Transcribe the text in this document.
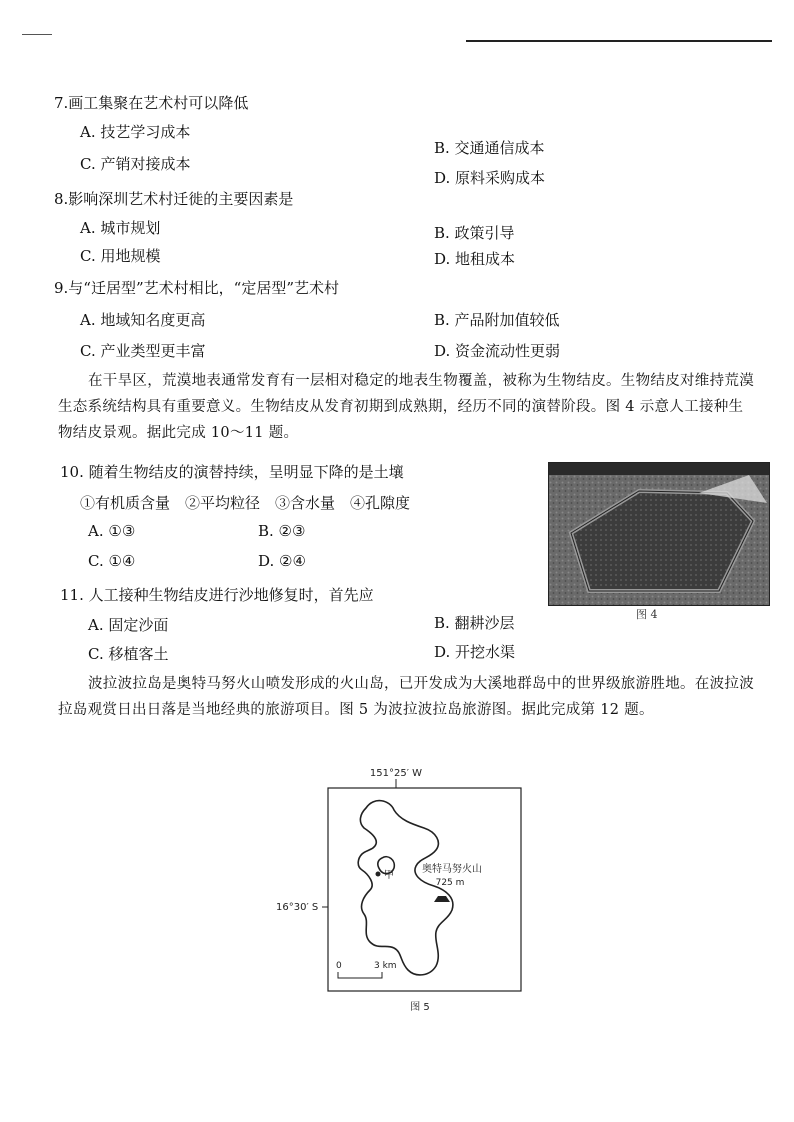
7.画工集聚在艺术村可以降低
A. 技艺学习成本
B. 交通通信成本
C. 产销对接成本
D. 原料采购成本
8.影响深圳艺术村迁徙的主要因素是
A. 城市规划	B. 政策引导
C. 用地规模	D. 地租成本
9.与“迁居型”艺术村相比，“定居型”艺术村
A. 地域知名度更高	B. 产品附加值较低
C. 产业类型更丰富	D. 资金流动性更弱

在干旱区，荒漠地表通常发育有一层相对稳定的地表生物覆盖，被称为生物结皮。生物结皮对维持荒漠生态系统结构具有重要意义。生物结皮从发育初期到成熟期，经历不同的演替阶段。图 4 示意人工接种生物结皮景观。据此完成 10～11 题。

10. 随着生物结皮的演替持续，呈明显下降的是土壤
①有机质含量　②平均粒径　③含水量　④孔隙度
A. ①③	B. ②③
C. ①④	D. ②④
图 4
11. 人工接种生物结皮进行沙地修复时，首先应
A. 固定沙面	B. 翻耕沙层
C. 移植客土	D. 开挖水渠

波拉波拉岛是奥特马努火山喷发形成的火山岛，已开发成为大溪地群岛中的世界级旅游胜地。在波拉波拉岛观赏日出日落是当地经典的旅游项目。图 5 为波拉波拉岛旅游图。据此完成第 12 题。

151°25′ W
16°30′ S
甲
奥特马努火山
725 m
0	3 km
图 5
